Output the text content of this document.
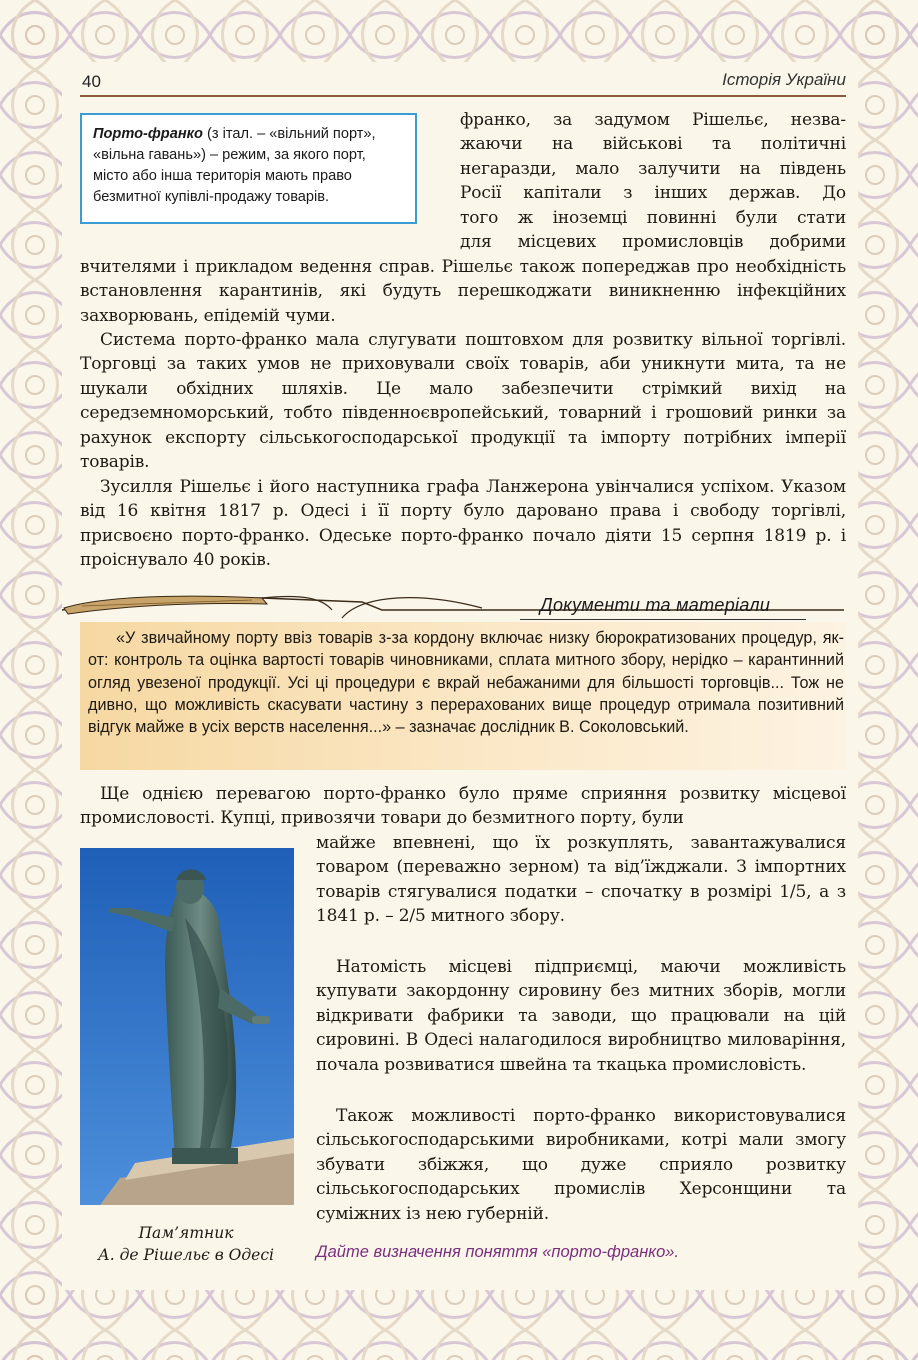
40	Історія України
Порто-франко (з італ. – «вільний порт», «вільна гавань») – режим, за якого порт, місто або інша територія мають право безмитної купівлі-продажу товарів.
франко, за задумом Рішельє, незва-
жаючи на військові та політичні
негаразди, мало залучити на південь
Росії капітали з інших держав. До
того ж іноземці повинні були стати
для місцевих промисловців добрими

вчителями і прикладом ведення справ. Рішельє також попереджав про необхідність встановлення карантинів, які будуть перешкоджати виникненню інфекційних захворювань, епідемій чуми.

Система порто-франко мала слугувати поштовхом для розвитку вільної торгівлі. Торговці за таких умов не приховували своїх товарів, аби уникнути мита, та не шукали обхідних шляхів. Це мало забезпечити стрімкий вихід на середземноморський, тобто південноєвропейський, товарний і грошовий ринки за рахунок експорту сільськогосподарської продукції та імпорту потрібних імперії товарів.

Зусилля Рішельє і його наступника графа Ланжерона увінчалися успіхом. Указом від 16 квітня 1817 р. Одесі і її порту було даровано права і свободу торгівлі, присвоєно порто-франко. Одеське порто-франко почало діяти 15 серпня 1819 р. і проіснувало 40 років.

Документи та матеріали

«У звичайному порту ввіз товарів з-за кордону включає низку бюрократизованих процедур, як-от: контроль та оцінка вартості товарів чиновниками, сплата митного збору, нерідко – карантинний огляд увезеної продукції. Усі ці процедури є вкрай небажаними для більшості торговців... Тож не дивно, що можливість скасувати частину з перерахованих вище процедур отримала позитивний відгук майже в усіх верств населення...» – зазначає дослідник В. Соколовський.

Ще однією перевагою порто-франко було пряме сприяння розвитку місцевої промисловості. Купці, привозячи товари до безмитного порту, були

майже впевнені, що їх розкуплять, завантажувалися товаром (переважно зерном) та від’їжджали. З імпортних товарів стягувалися податки – спочатку в розмірі 1/5, а з 1841 р. – 2/5 митного збору.

Натомість місцеві підприємці, маючи можливість купувати закордонну сировину без митних зборів, могли відкривати фабрики та заводи, що працювали на цій сировині. В Одесі налагодилося виробництво миловаріння, почала розвиватися швейна та ткацька промисловість.

Також можливості порто-франко використовувалися сільськогосподарськими виробниками, котрі мали змогу збувати збіжжя, що дуже сприяло розвитку сільськогосподарських промислів Херсонщини та суміжних із нею губерній.

Пам’ятник
А. де Рішельє в Одесі	Дайте визначення поняття «порто-франко».
